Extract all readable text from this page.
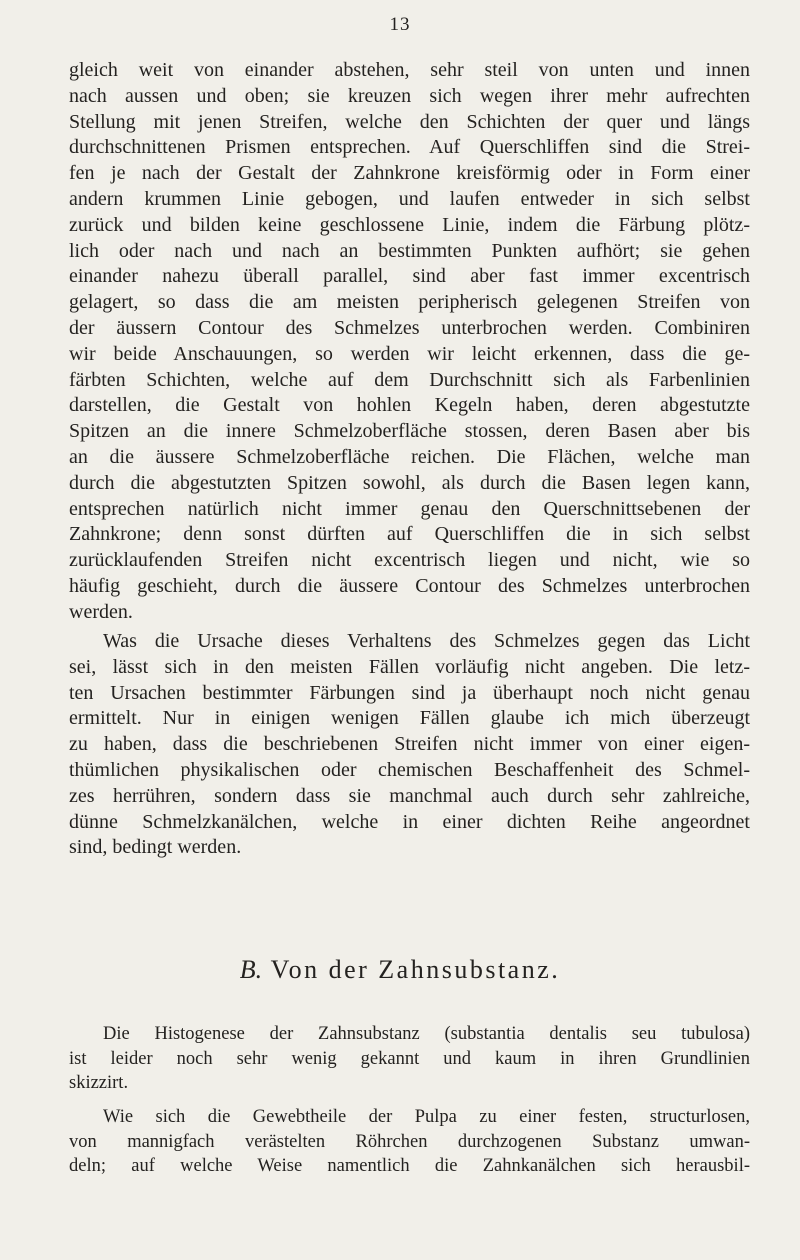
13
gleich weit von einander abstehen, sehr steil von unten und innen
nach aussen und oben; sie kreuzen sich wegen ihrer mehr aufrechten
Stellung mit jenen Streifen, welche den Schichten der quer und längs
durchschnittenen Prismen entsprechen. Auf Querschliffen sind die Strei-
fen je nach der Gestalt der Zahnkrone kreisförmig oder in Form einer
andern krummen Linie gebogen, und laufen entweder in sich selbst
zurück und bilden keine geschlossene Linie, indem die Färbung plötz-
lich oder nach und nach an bestimmten Punkten aufhört; sie gehen
einander nahezu überall parallel, sind aber fast immer excentrisch
gelagert, so dass die am meisten peripherisch gelegenen Streifen von
der äussern Contour des Schmelzes unterbrochen werden. Combiniren
wir beide Anschauungen, so werden wir leicht erkennen, dass die ge-
färbten Schichten, welche auf dem Durchschnitt sich als Farbenlinien
darstellen, die Gestalt von hohlen Kegeln haben, deren abgestutzte
Spitzen an die innere Schmelzoberfläche stossen, deren Basen aber bis
an die äussere Schmelzoberfläche reichen. Die Flächen, welche man
durch die abgestutzten Spitzen sowohl, als durch die Basen legen kann,
entsprechen natürlich nicht immer genau den Querschnittsebenen der
Zahnkrone; denn sonst dürften auf Querschliffen die in sich selbst
zurücklaufenden Streifen nicht excentrisch liegen und nicht, wie so
häufig geschieht, durch die äussere Contour des Schmelzes unterbrochen
werden.
Was die Ursache dieses Verhaltens des Schmelzes gegen das Licht
sei, lässt sich in den meisten Fällen vorläufig nicht angeben. Die letz-
ten Ursachen bestimmter Färbungen sind ja überhaupt noch nicht genau
ermittelt. Nur in einigen wenigen Fällen glaube ich mich überzeugt
zu haben, dass die beschriebenen Streifen nicht immer von einer eigen-
thümlichen physikalischen oder chemischen Beschaffenheit des Schmel-
zes herrühren, sondern dass sie manchmal auch durch sehr zahlreiche,
dünne Schmelzkanälchen, welche in einer dichten Reihe angeordnet
sind, bedingt werden.
B. Von der Zahnsubstanz.
Die Histogenese der Zahnsubstanz (substantia dentalis seu tubulosa)
ist leider noch sehr wenig gekannt und kaum in ihren Grundlinien
skizzirt.
Wie sich die Gewebtheile der Pulpa zu einer festen, structurlosen,
von mannigfach verästelten Röhrchen durchzogenen Substanz umwan-
deln; auf welche Weise namentlich die Zahnkanälchen sich herausbil-
